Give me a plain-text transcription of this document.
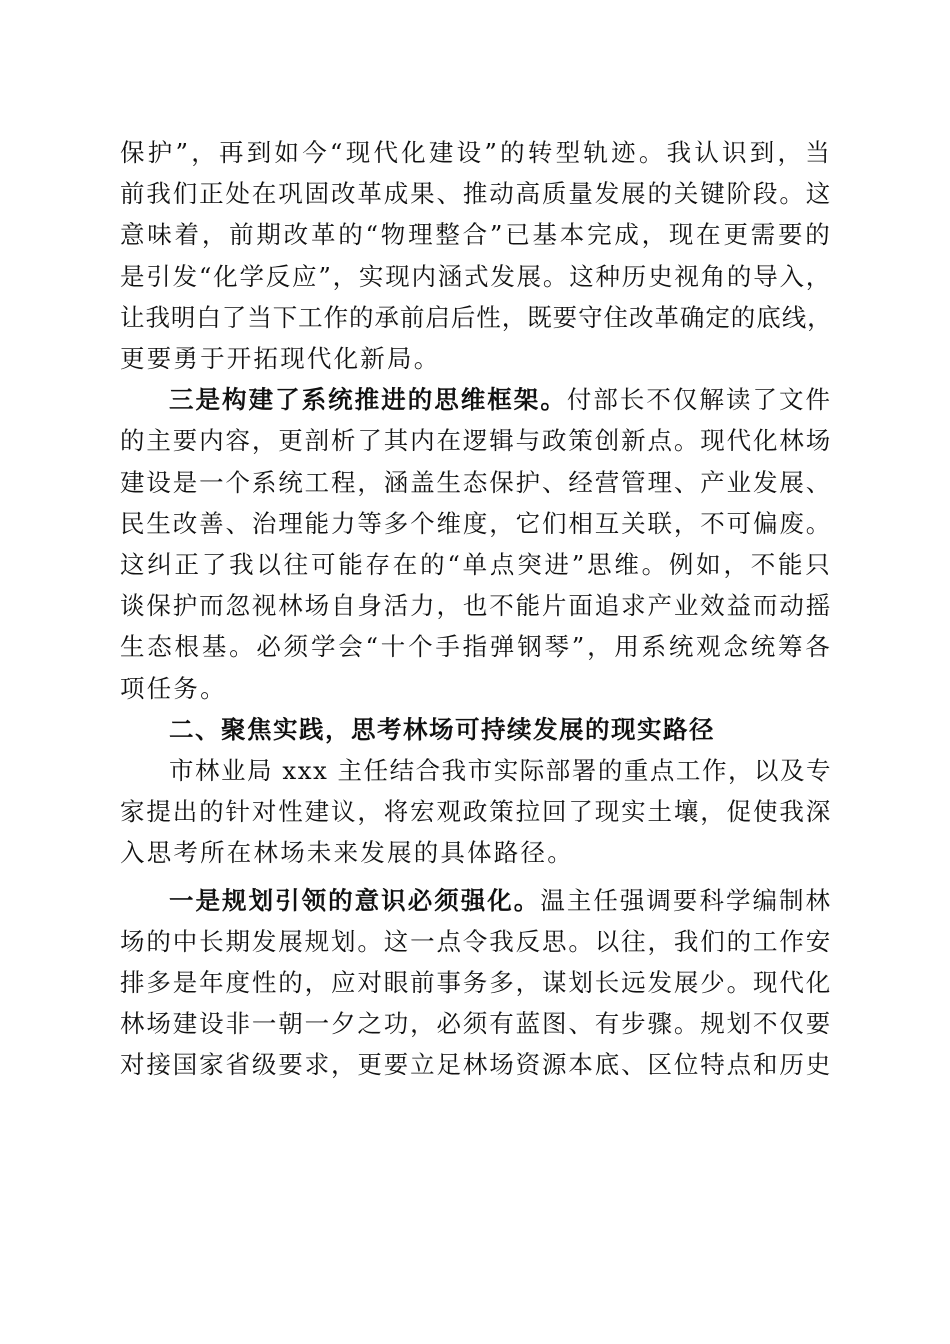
保护”，再到如今“现代化建设”的转型轨迹。我认识到，当
前我们正处在巩固改革成果、推动高质量发展的关键阶段。这
意味着，前期改革的“物理整合”已基本完成，现在更需要的
是引发“化学反应”，实现内涵式发展。这种历史视角的导入，
让我明白了当下工作的承前启后性，既要守住改革确定的底线，
更要勇于开拓现代化新局。
三是构建了系统推进的思维框架。付部长不仅解读了文件
的主要内容，更剖析了其内在逻辑与政策创新点。现代化林场
建设是一个系统工程，涵盖生态保护、经营管理、产业发展、
民生改善、治理能力等多个维度，它们相互关联，不可偏废。
这纠正了我以往可能存在的“单点突进”思维。例如，不能只
谈保护而忽视林场自身活力，也不能片面追求产业效益而动摇
生态根基。必须学会“十个手指弹钢琴”，用系统观念统筹各
项任务。
二、聚焦实践，思考林场可持续发展的现实路径
市林业局 xxx 主任结合我市实际部署的重点工作，以及专
家提出的针对性建议，将宏观政策拉回了现实土壤，促使我深
入思考所在林场未来发展的具体路径。
一是规划引领的意识必须强化。温主任强调要科学编制林
场的中长期发展规划。这一点令我反思。以往，我们的工作安
排多是年度性的，应对眼前事务多，谋划长远发展少。现代化
林场建设非一朝一夕之功，必须有蓝图、有步骤。规划不仅要
对接国家省级要求，更要立足林场资源本底、区位特点和历史
